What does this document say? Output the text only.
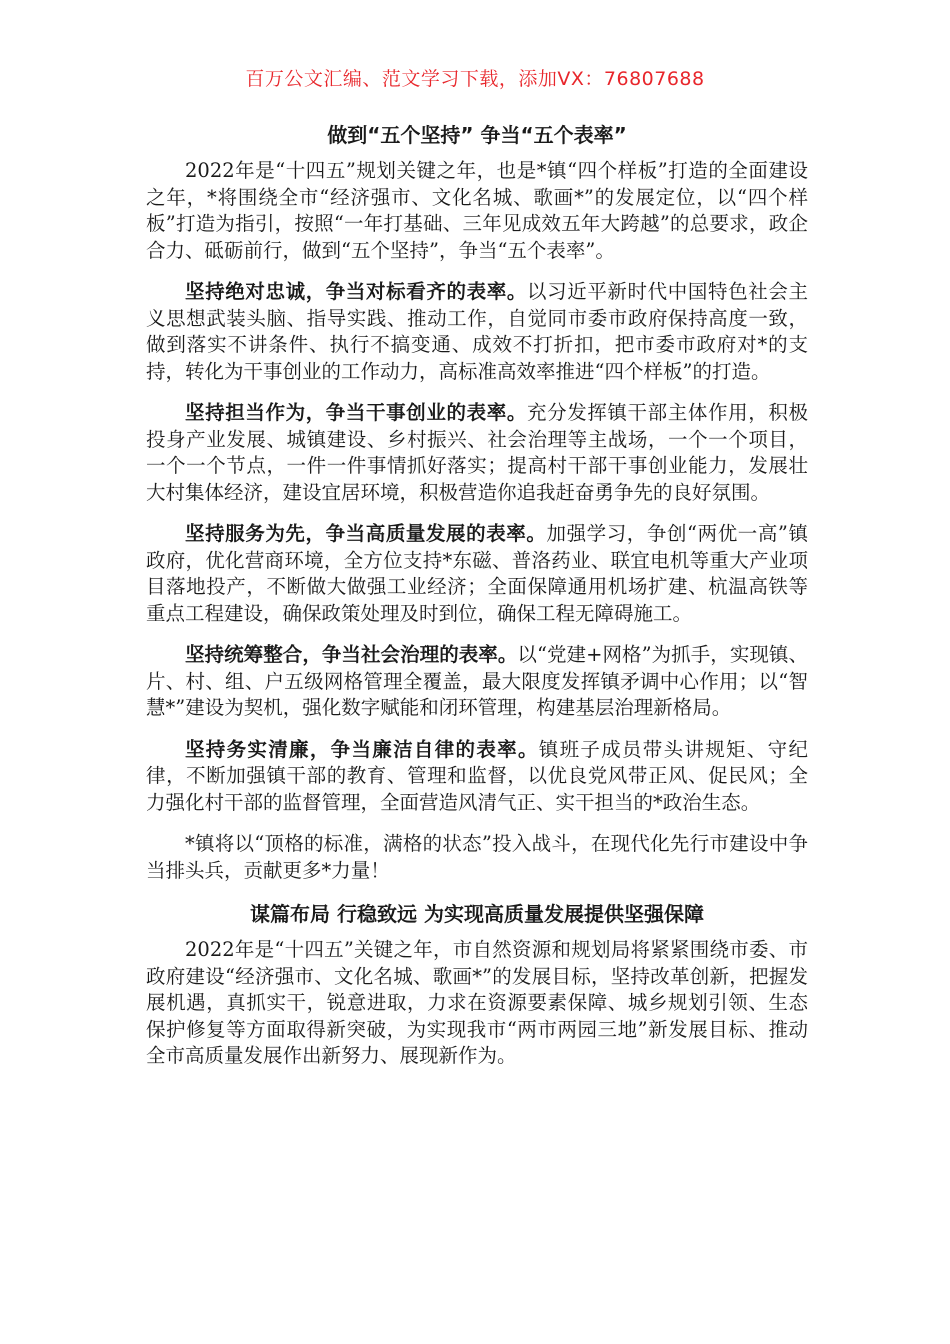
百万公文汇编、范文学习下载，添加VX：76807688
做到“五个坚持” 争当“五个表率”

2022年是“十四五”规划关键之年，也是*镇“四个样板”打造的全面建设之年，*将围绕全市“经济强市、文化名城、歌画*”的发展定位，以“四个样板”打造为指引，按照“一年打基础、三年见成效五年大跨越”的总要求，政企合力、砥砺前行，做到“五个坚持”，争当“五个表率”。

坚持绝对忠诚，争当对标看齐的表率。以习近平新时代中国特色社会主义思想武装头脑、指导实践、推动工作，自觉同市委市政府保持高度一致，做到落实不讲条件、执行不搞变通、成效不打折扣，把市委市政府对*的支持，转化为干事创业的工作动力，高标准高效率推进“四个样板”的打造。

坚持担当作为，争当干事创业的表率。充分发挥镇干部主体作用，积极投身产业发展、城镇建设、乡村振兴、社会治理等主战场，一个一个项目，一个一个节点，一件一件事情抓好落实；提高村干部干事创业能力，发展壮大村集体经济，建设宜居环境，积极营造你追我赶奋勇争先的良好氛围。

坚持服务为先，争当高质量发展的表率。加强学习，争创“两优一高”镇政府，优化营商环境，全方位支持*东磁、普洛药业、联宜电机等重大产业项目落地投产，不断做大做强工业经济；全面保障通用机场扩建、杭温高铁等重点工程建设，确保政策处理及时到位，确保工程无障碍施工。

坚持统筹整合，争当社会治理的表率。以“党建+网格”为抓手，实现镇、片、村、组、户五级网格管理全覆盖，最大限度发挥镇矛调中心作用；以“智慧*”建设为契机，强化数字赋能和闭环管理，构建基层治理新格局。

坚持务实清廉，争当廉洁自律的表率。镇班子成员带头讲规矩、守纪律，不断加强镇干部的教育、管理和监督，以优良党风带正风、促民风；全力强化村干部的监督管理，全面营造风清气正、实干担当的*政治生态。

*镇将以“顶格的标准，满格的状态”投入战斗，在现代化先行市建设中争当排头兵，贡献更多*力量！

谋篇布局 行稳致远 为实现高质量发展提供坚强保障

2022年是“十四五”关键之年，市自然资源和规划局将紧紧围绕市委、市政府建设“经济强市、文化名城、歌画*”的发展目标，坚持改革创新，把握发展机遇，真抓实干，锐意进取，力求在资源要素保障、城乡规划引领、生态保护修复等方面取得新突破，为实现我市“两市两园三地”新发展目标、推动全市高质量发展作出新努力、展现新作为。
